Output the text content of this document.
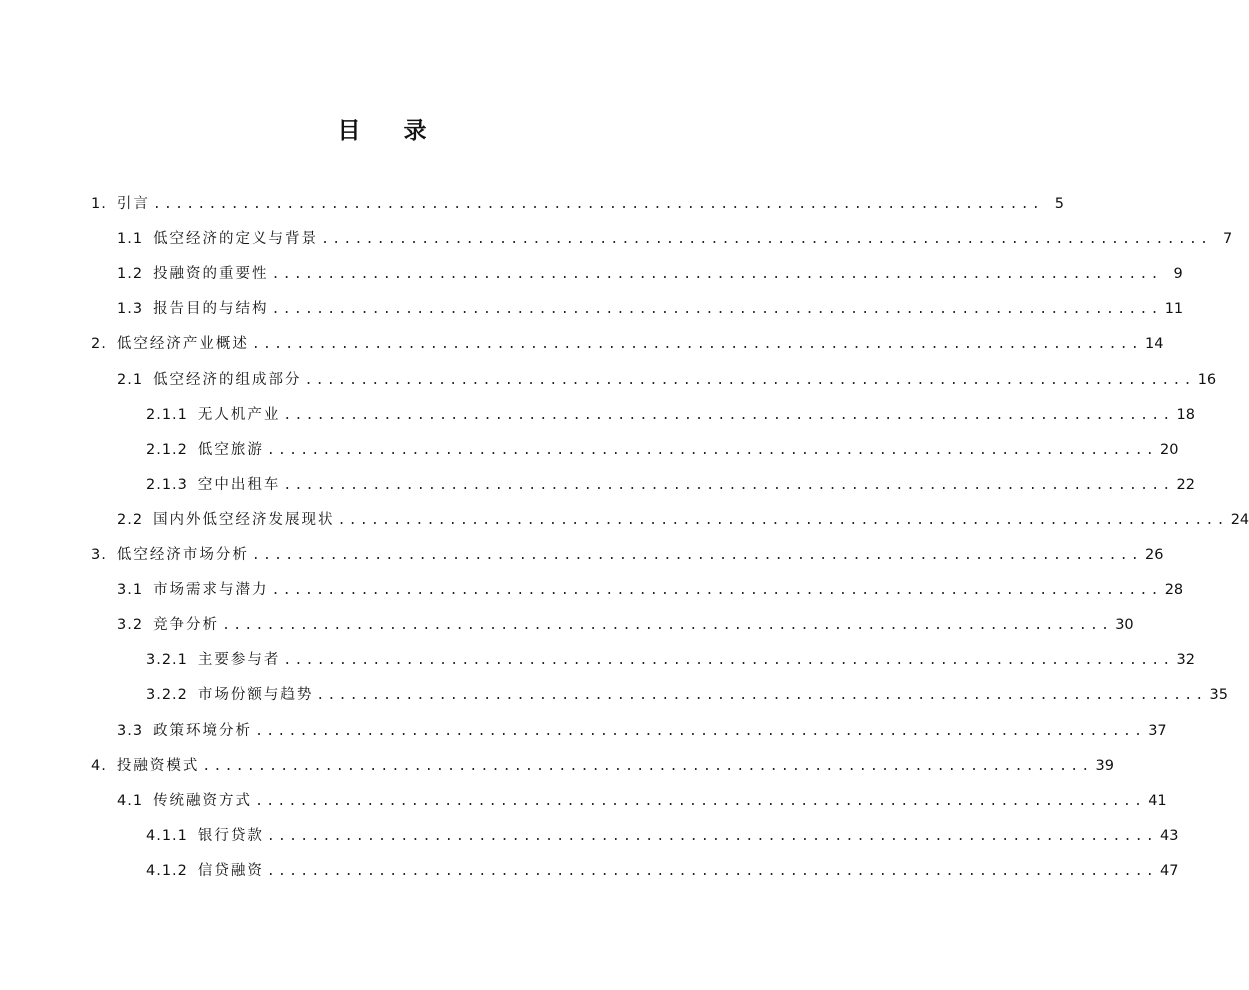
目 录
1. 引言 ................................................................................ 5
1.1 低空经济的定义与背景 ................................................................................ 7
1.2 投融资的重要性 ................................................................................ 9
1.3 报告目的与结构 ................................................................................ 11
2. 低空经济产业概述 ................................................................................ 14
2.1 低空经济的组成部分 ................................................................................ 16
2.1.1 无人机产业 ................................................................................ 18
2.1.2 低空旅游 ................................................................................ 20
2.1.3 空中出租车 ................................................................................ 22
2.2 国内外低空经济发展现状 ................................................................................ 24
3. 低空经济市场分析 ................................................................................ 26
3.1 市场需求与潜力 ................................................................................ 28
3.2 竞争分析 ................................................................................ 30
3.2.1 主要参与者 ................................................................................ 32
3.2.2 市场份额与趋势 ................................................................................ 35
3.3 政策环境分析 ................................................................................ 37
4. 投融资模式 ................................................................................ 39
4.1 传统融资方式 ................................................................................ 41
4.1.1 银行贷款 ................................................................................ 43
4.1.2 信贷融资 ................................................................................ 47
